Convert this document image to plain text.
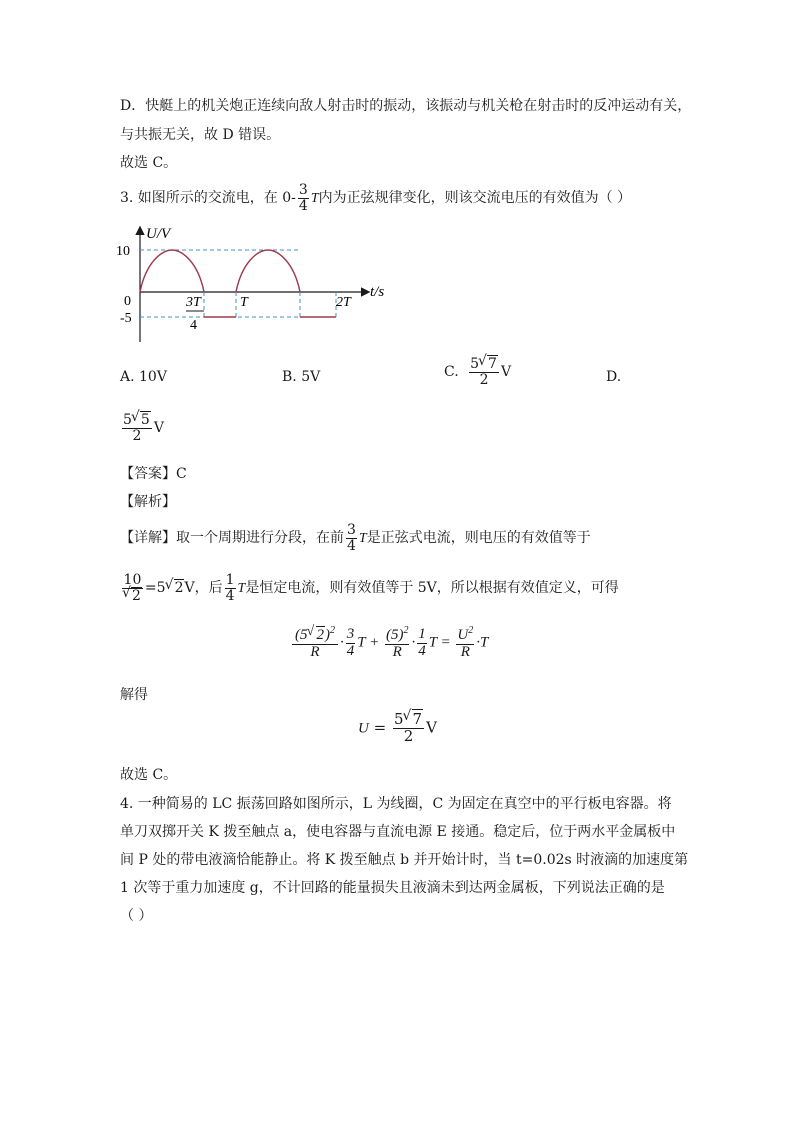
D．快艇上的机关炮正连续向敌人射击时的振动，该振动与机关枪在射击时的反冲运动有关，
与共振无关，故 D 错误。
故选 C。
3. 如图所示的交流电，在 $0- \frac{3}{4}$ T内为正弦规律变化，则该交流电压的有效值为（ ）
U/V
10
0
-5
3T
4
T	2T
t/s
A. 10V	B. 5V	C. $\frac{5 √ 7}{2}$ V	D.
$\frac{5 √ 5}{2}$ V
【答案】C
【解析】
【详解】取一个周期进行分段，在前 $\frac{3}{4}$ T是正弦式电流，则电压的有效值等于
$\frac{10}{√ 2} =5$ √ 2V，后 $\frac{1}{4}$ T是恒定电流，则有效值等于 5V，所以根据有效值定义，可得
$\frac{(5 √ 2)^2}{R} \cdot \frac{3}{4}$ $T + \frac{(5)^2}{R} \cdot \frac{1}{4}$ $T = \frac{U^2}{R} \cdot T$
解得
$U = \frac{5 √ 7}{2}$ V
故选 C。
4. 一种简易的 LC 振荡回路如图所示，L 为线圈，C 为固定在真空中的平行板电容器。将
单刀双掷开关 K 拨至触点 a，使电容器与直流电源 E 接通。稳定后，位于两水平金属板中
间 P 处的带电液滴恰能静止。将 K 拨至触点 b 并开始计时，当 t=0.02s 时液滴的加速度第
1 次等于重力加速度 g，不计回路的能量损失且液滴未到达两金属板，下列说法正确的是
（ ）
